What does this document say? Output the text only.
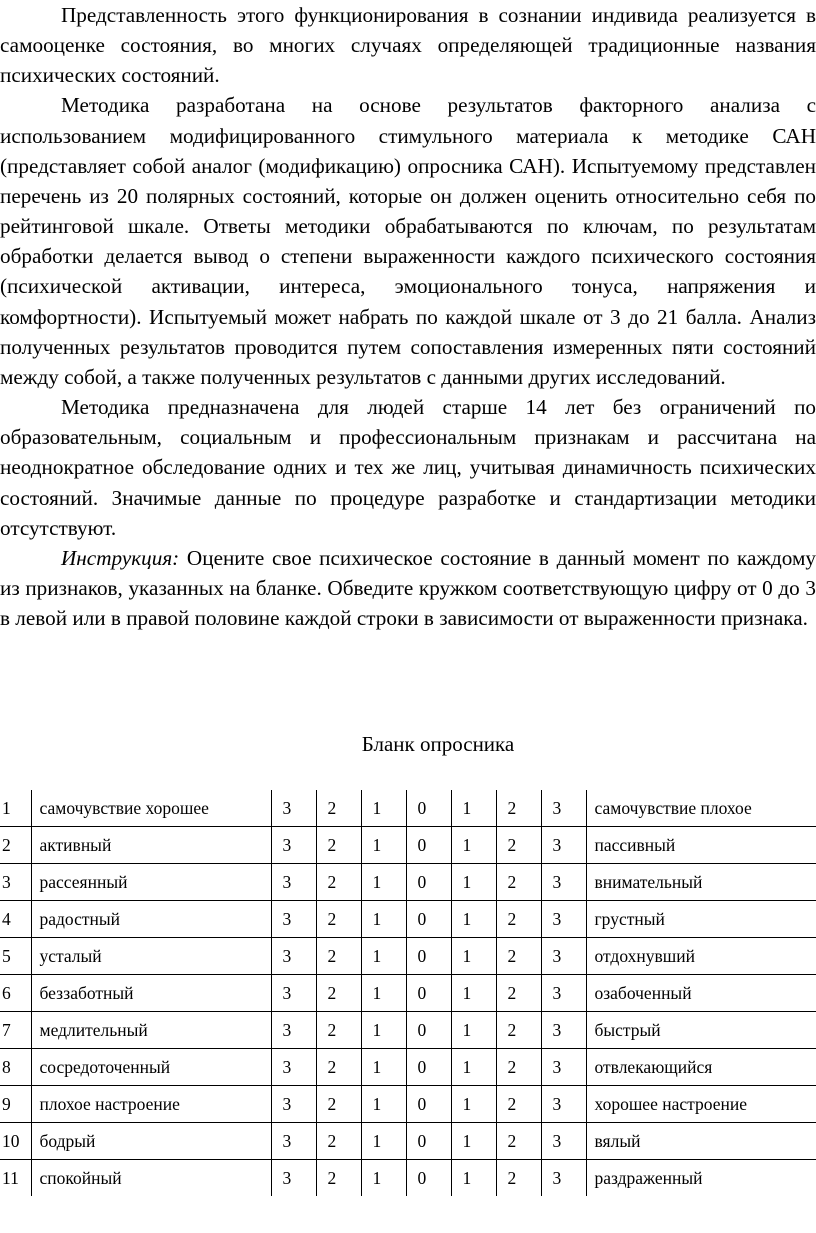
Представленность этого функционирования в сознании индивида реализуется в самооценке состояния, во многих случаях определяющей традиционные названия психических состояний.

Методика разработана на основе результатов факторного анализа с использованием модифицированного стимульного материала к методике САН (представляет собой аналог (модификацию) опросника САН). Испытуемому представлен перечень из 20 полярных состояний, которые он должен оценить относительно себя по рейтинговой шкале. Ответы методики обрабатываются по ключам, по результатам обработки делается вывод о степени выраженности каждого психического состояния (психической активации, интереса, эмоционального тонуса, напряжения и комфортности). Испытуемый может набрать по каждой шкале от 3 до 21 балла. Анализ полученных результатов проводится путем сопоставления измеренных пяти состояний между собой, а также полученных результатов с данными других исследований.

Методика предназначена для людей старше 14 лет без ограничений по образовательным, социальным и профессиональным признакам и рассчитана на неоднократное обследование одних и тех же лиц, учитывая динамичность психических состояний. Значимые данные по процедуре разработке и стандартизации методики отсутствуют.

Инструкция: Оцените свое психическое состояние в данный момент по каждому из признаков, указанных на бланке. Обведите кружком соответствующую цифру от 0 до 3 в левой или в правой половине каждой строки в зависимости от выраженности признака.

Бланк опросника
1	самочувствие хорошее	3	2	1	0	1	2	3	самочувствие плохое
2	активный	3	2	1	0	1	2	3	пассивный
3	рассеянный	3	2	1	0	1	2	3	внимательный
4	радостный	3	2	1	0	1	2	3	грустный
5	усталый	3	2	1	0	1	2	3	отдохнувший
6	беззаботный	3	2	1	0	1	2	3	озабоченный
7	медлительный	3	2	1	0	1	2	3	быстрый
8	сосредоточенный	3	2	1	0	1	2	3	отвлекающийся
9	плохое настроение	3	2	1	0	1	2	3	хорошее настроение
10	бодрый	3	2	1	0	1	2	3	вялый
11	спокойный	3	2	1	0	1	2	3	раздраженный
